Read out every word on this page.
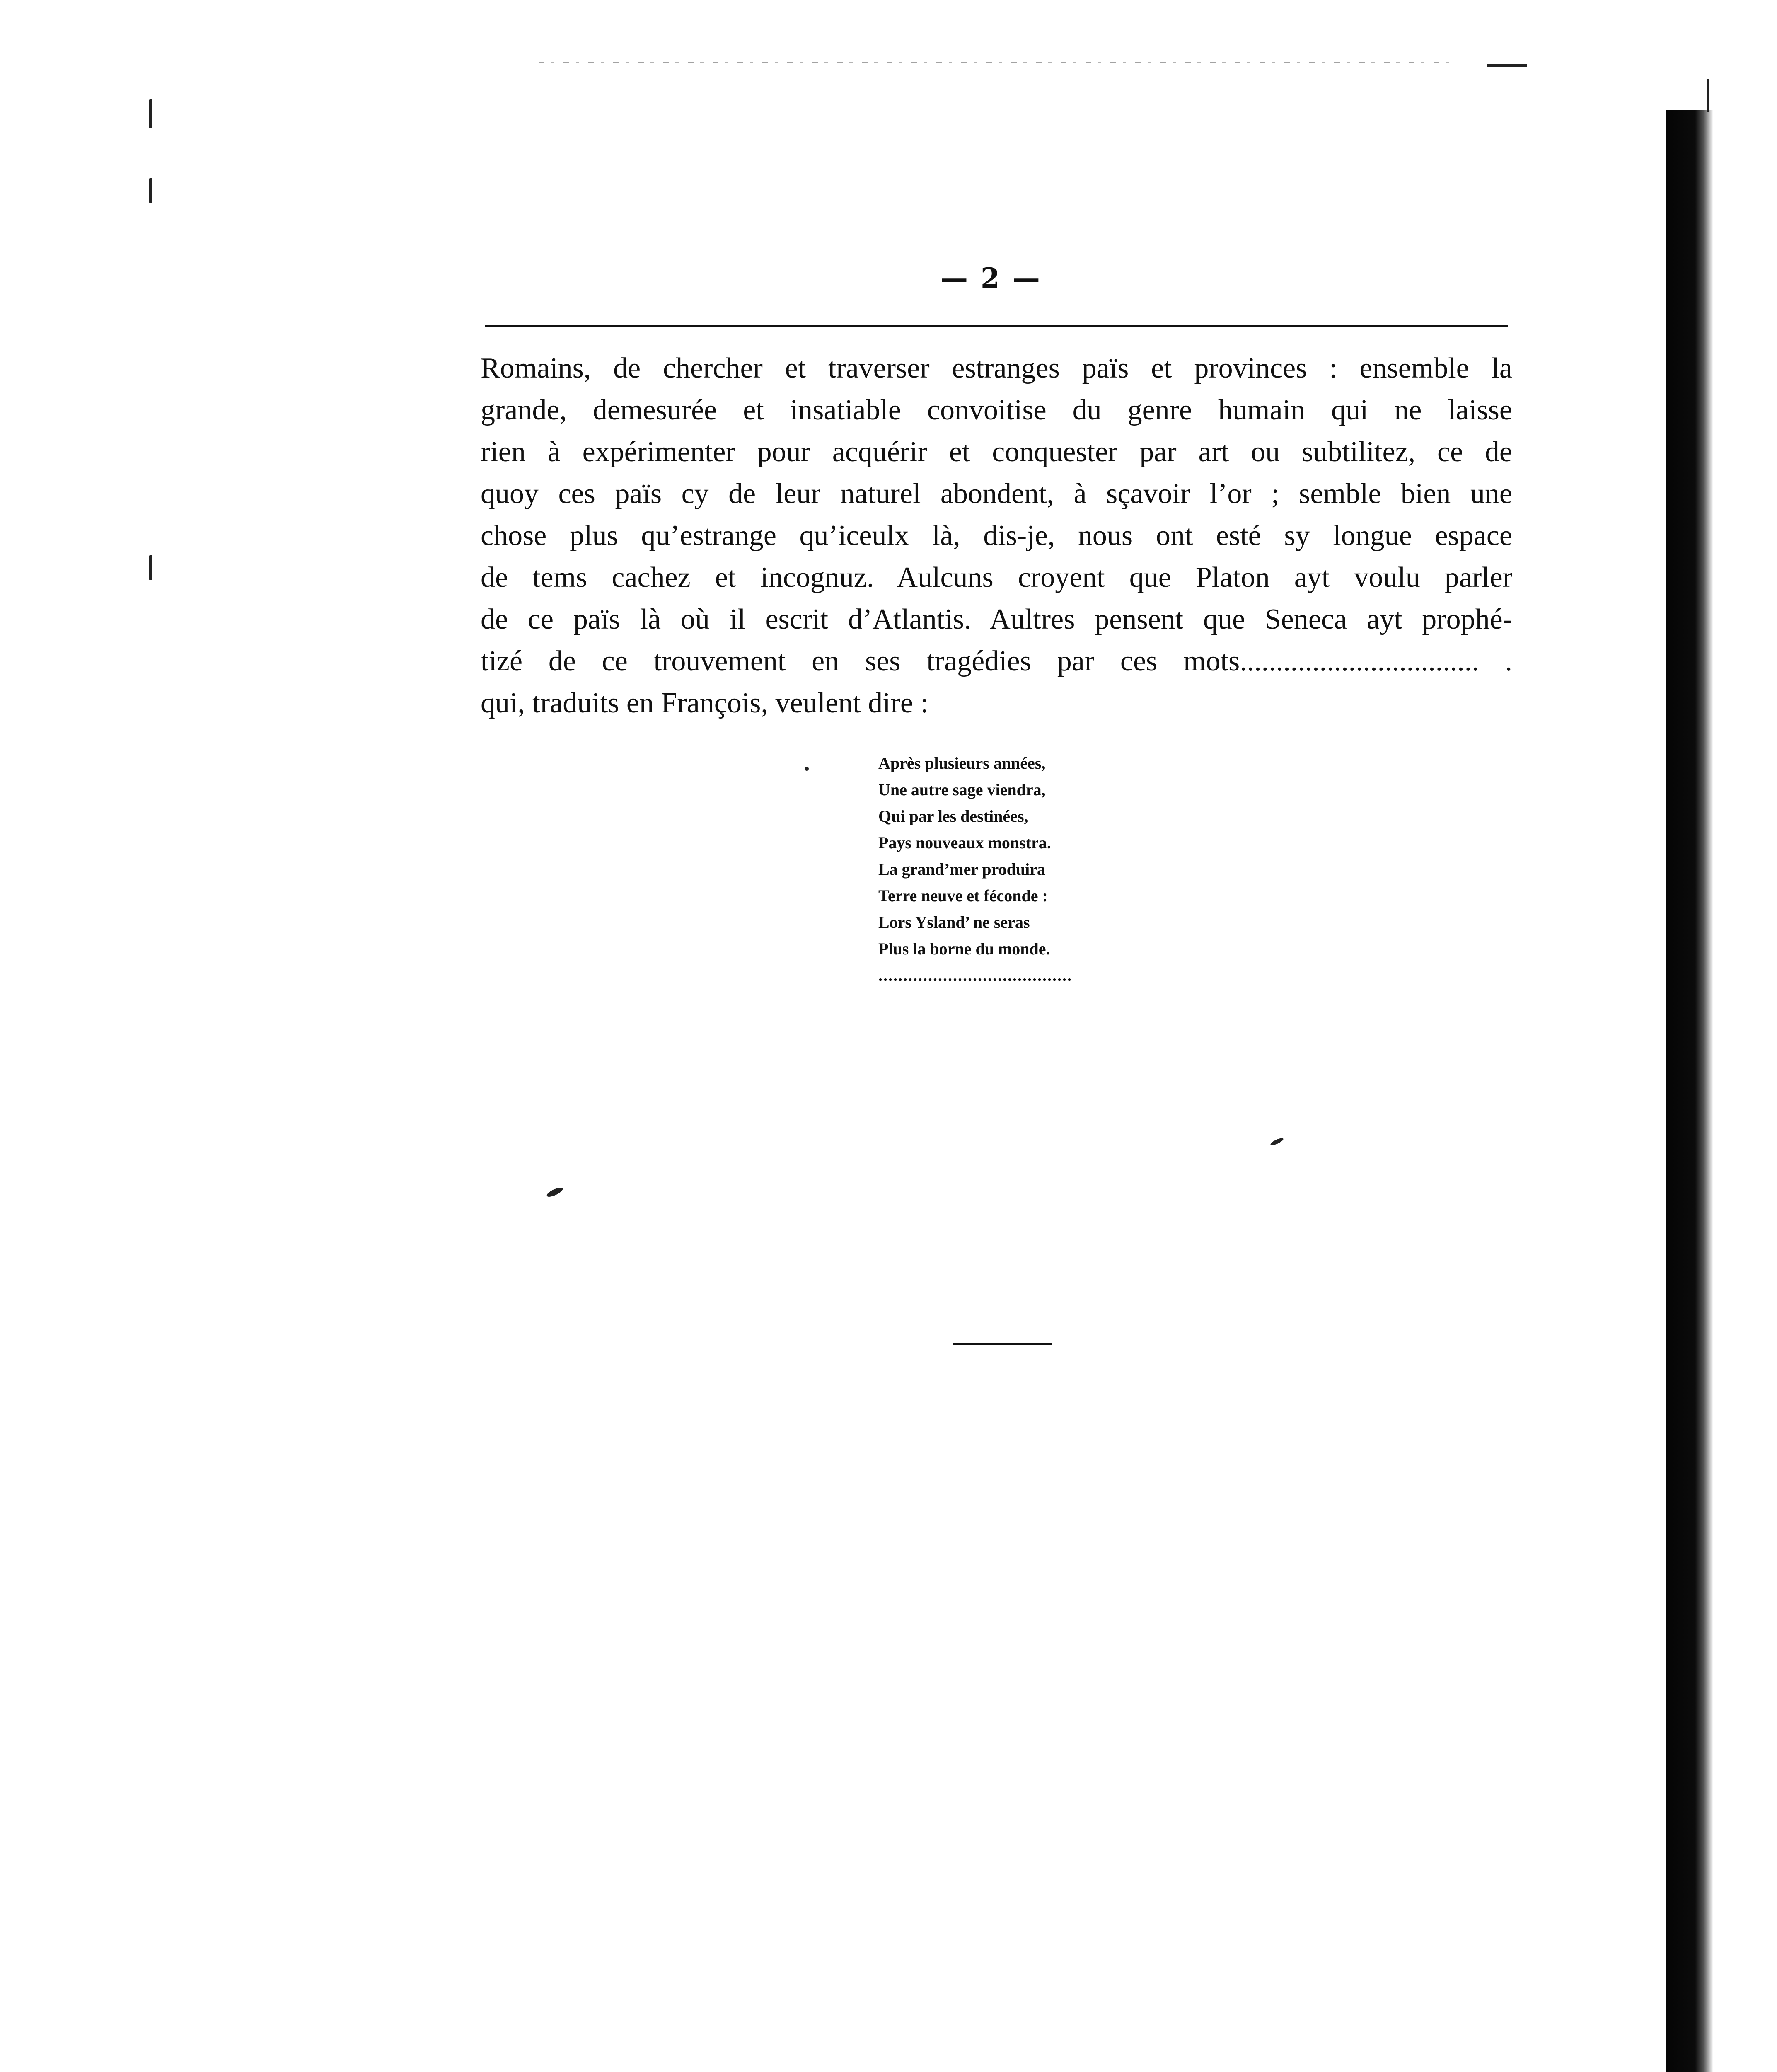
— 2 —
Romains, de chercher et traverser estranges païs et provinces : ensemble la
grande, demesurée et insatiable convoitise du genre humain qui ne laisse
rien à expérimenter pour acquérir et conquester par art ou subtilitez, ce de
quoy ces païs cy de leur naturel abondent, à sçavoir l’or ; semble bien une
chose plus qu’estrange qu’iceulx là, dis-je, nous ont esté sy longue espace
de tems cachez et incognuz. Aulcuns croyent que Platon ayt voulu parler
de ce païs là où il escrit d’Atlantis. Aultres pensent que Seneca ayt prophé-
tizé de ce trouvement en ses tragédies par ces mots................................. .
qui, traduits en François, veulent dire :
Après plusieurs années,
Une autre sage viendra,
Qui par les destinées,
Pays nouveaux monstra.
La grand’mer produira
Terre neuve et féconde :
Lors Ysland’ ne seras
Plus la borne du monde.
.......................................
